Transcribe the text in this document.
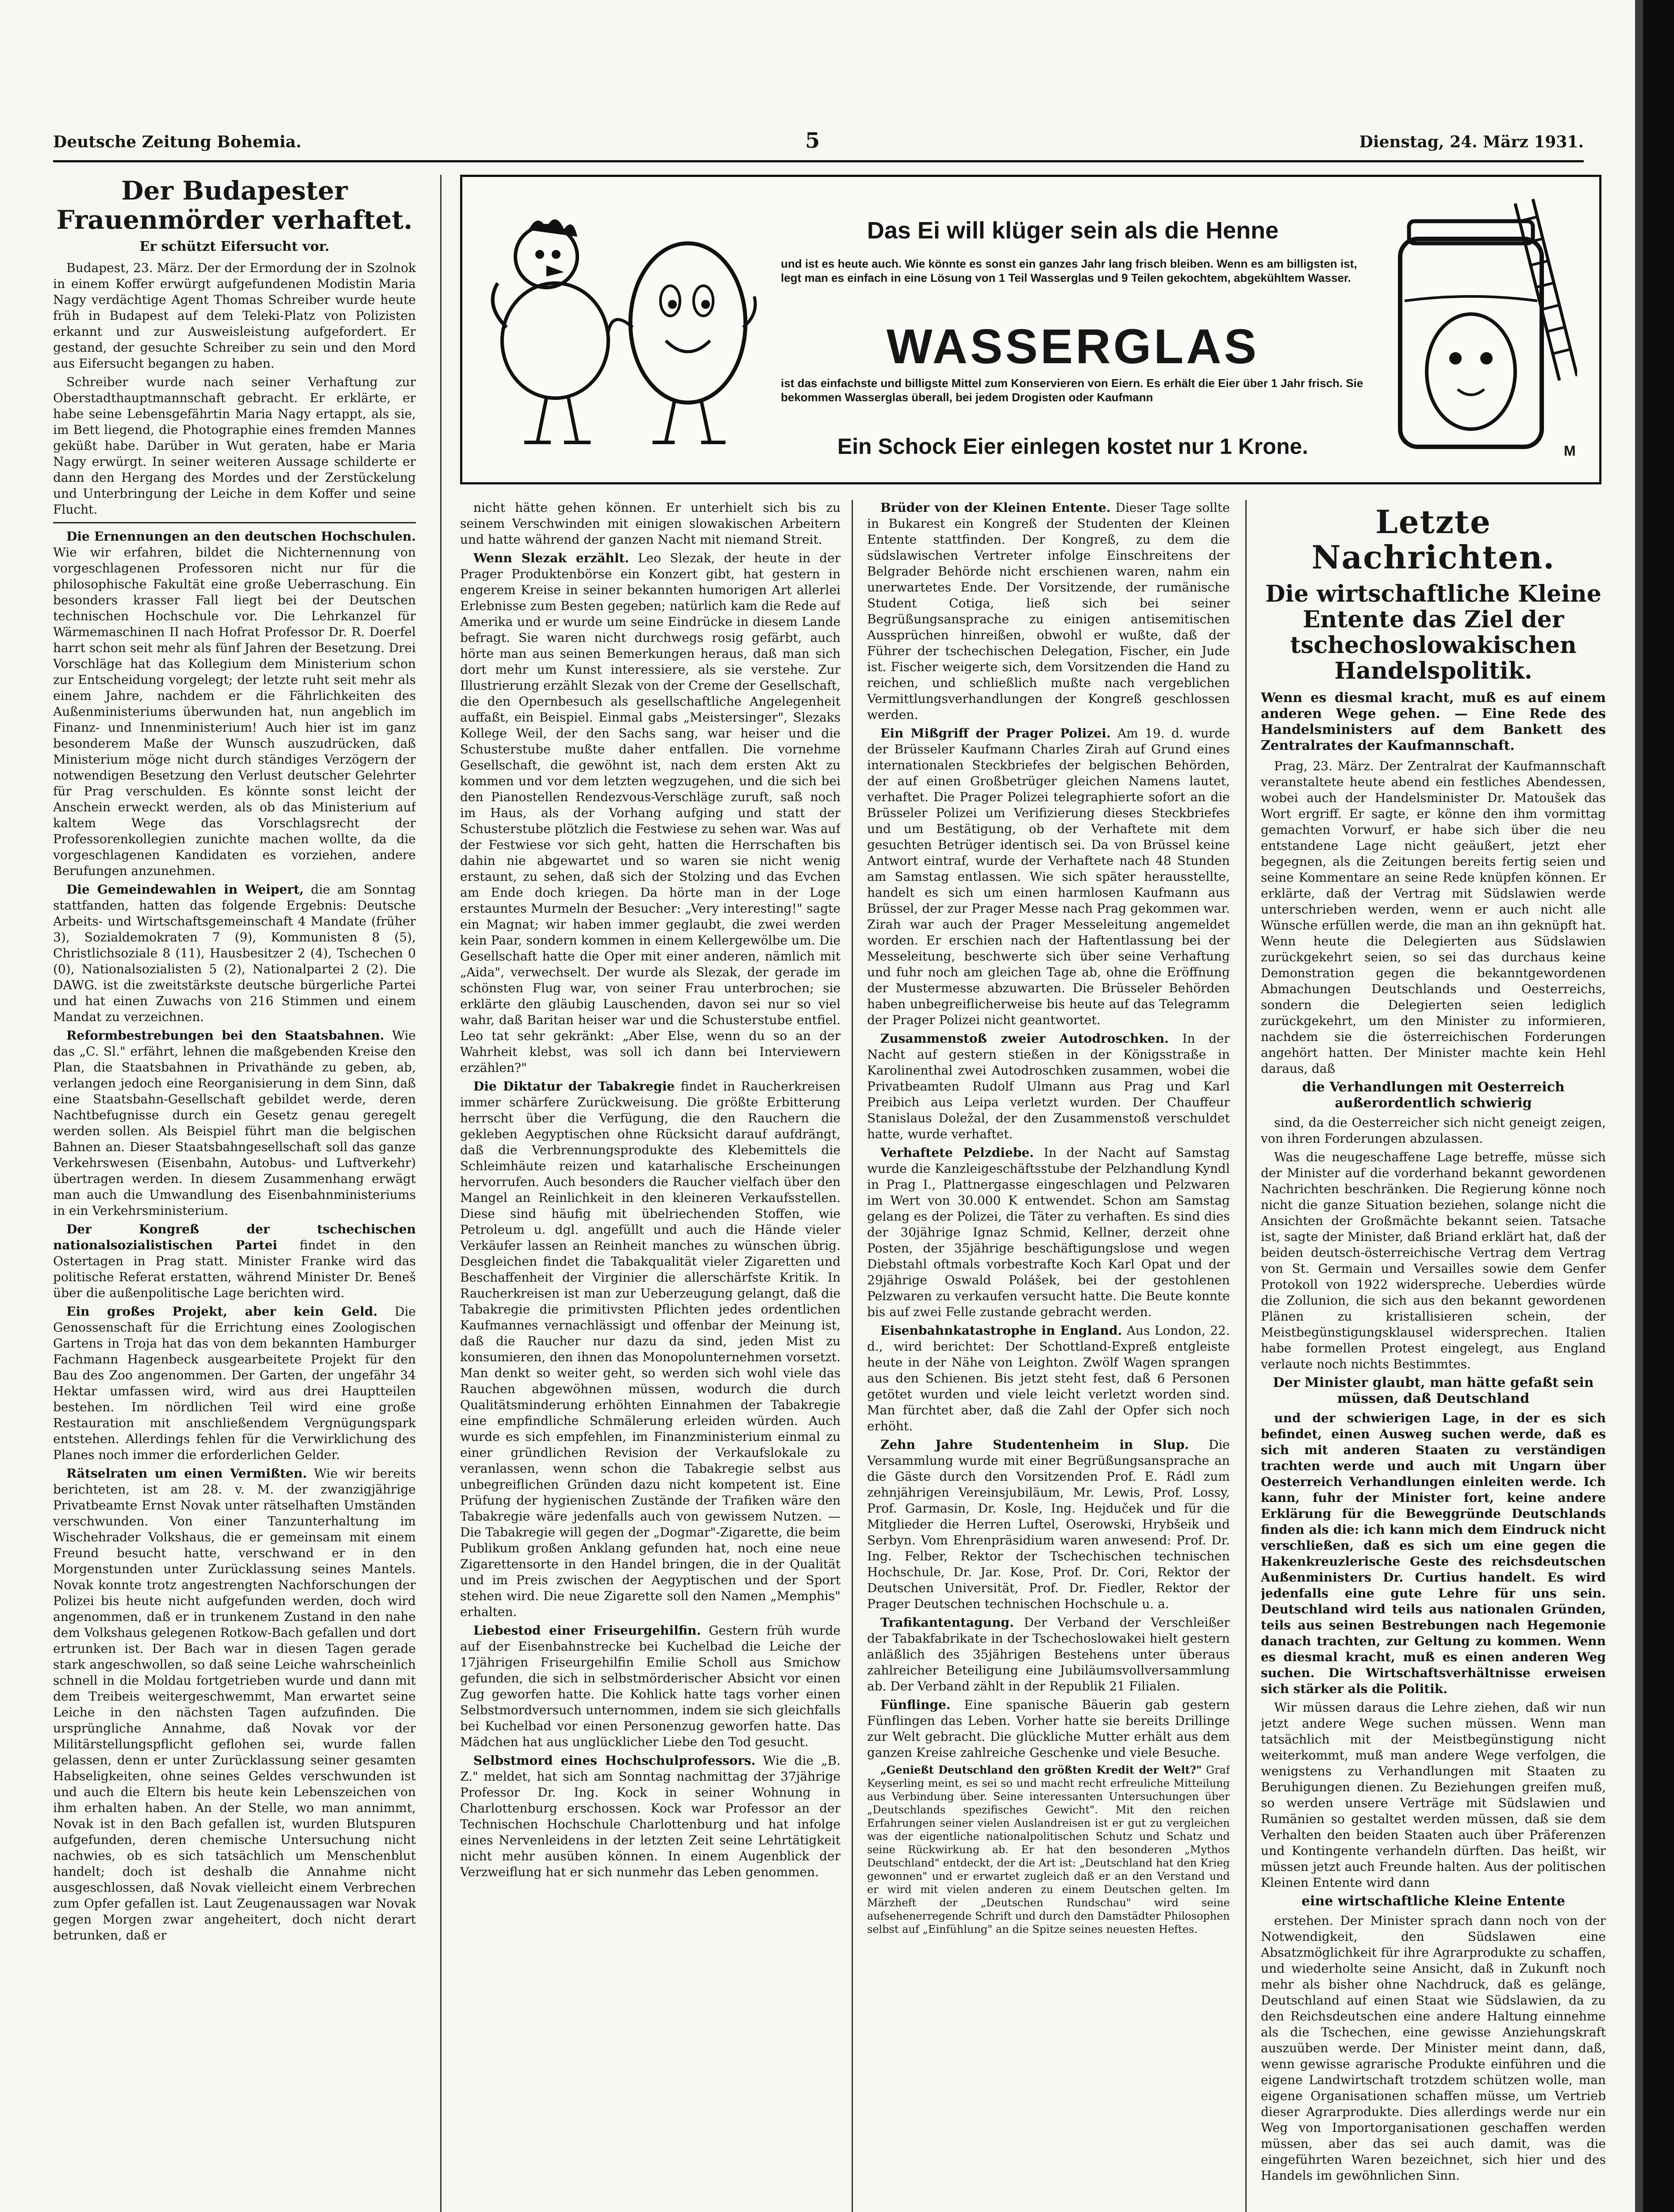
Deutsche Zeitung Bohemia.	5	Dienstag, 24. März 1931.
Das Ei will klüger sein als die Henne
und ist es heute auch. Wie könnte es sonst ein ganzes Jahr lang frisch bleiben. Wenn es am billigsten ist, legt man es einfach in eine Lösung von 1 Teil Wasserglas und 9 Teilen gekochtem, abgekühltem Wasser.
WASSERGLAS
ist das einfachste und billigste Mittel zum Konservieren von Eiern. Es erhält die Eier über 1 Jahr frisch. Sie bekommen Wasserglas überall, bei jedem Drogisten oder Kaufmann
Ein Schock Eier einlegen kostet nur 1 Krone.	M
Der Budapester Frauenmörder verhaftet.
Er schützt Eifersucht vor.

Budapest, 23. März. Der der Ermordung der in Szolnok in einem Koffer erwürgt aufgefundenen Modistin Maria Nagy verdächtige Agent Thomas Schreiber wurde heute früh in Budapest auf dem Teleki-Platz von Polizisten erkannt und zur Ausweisleistung aufgefordert. Er gestand, der gesuchte Schreiber zu sein und den Mord aus Eifersucht begangen zu haben.

Schreiber wurde nach seiner Verhaftung zur Oberstadthauptmannschaft gebracht. Er erklärte, er habe seine Lebensgefährtin Maria Nagy ertappt, als sie, im Bett liegend, die Photographie eines fremden Mannes geküßt habe. Darüber in Wut geraten, habe er Maria Nagy erwürgt. In seiner weiteren Aussage schilderte er dann den Hergang des Mordes und der Zerstückelung und Unterbringung der Leiche in dem Koffer und seine Flucht.

Die Ernennungen an den deutschen Hochschulen. Wie wir erfahren, bildet die Nichternennung von vorgeschlagenen Professoren nicht nur für die philosophische Fakultät eine große Ueberraschung. Ein besonders krasser Fall liegt bei der Deutschen technischen Hochschule vor. Die Lehrkanzel für Wärmemaschinen II nach Hofrat Professor Dr. R. Doerfel harrt schon seit mehr als fünf Jahren der Besetzung. Drei Vorschläge hat das Kollegium dem Ministerium schon zur Entscheidung vorgelegt; der letzte ruht seit mehr als einem Jahre, nachdem er die Fährlichkeiten des Außenministeriums überwunden hat, nun angeblich im Finanz- und Innenministerium! Auch hier ist im ganz besonderem Maße der Wunsch auszudrücken, daß Ministerium möge nicht durch ständiges Verzögern der notwendigen Besetzung den Verlust deutscher Gelehrter für Prag verschulden. Es könnte sonst leicht der Anschein erweckt werden, als ob das Ministerium auf kaltem Wege das Vorschlagsrecht der Professorenkollegien zunichte machen wollte, da die vorgeschlagenen Kandidaten es vorziehen, andere Berufungen anzunehmen.

Die Gemeindewahlen in Weipert, die am Sonntag stattfanden, hatten das folgende Ergebnis: Deutsche Arbeits- und Wirtschaftsgemeinschaft 4 Mandate (früher 3), Sozialdemokraten 7 (9), Kommunisten 8 (5), Christlichsoziale 8 (11), Hausbesitzer 2 (4), Tschechen 0 (0), Nationalsozialisten 5 (2), Nationalpartei 2 (2). Die DAWG. ist die zweitstärkste deutsche bürgerliche Partei und hat einen Zuwachs von 216 Stimmen und einem Mandat zu verzeichnen.

Reformbestrebungen bei den Staatsbahnen. Wie das „C. Sl." erfährt, lehnen die maßgebenden Kreise den Plan, die Staatsbahnen in Privathände zu geben, ab, verlangen jedoch eine Reorganisierung in dem Sinn, daß eine Staatsbahn-Gesellschaft gebildet werde, deren Nachtbefugnisse durch ein Gesetz genau geregelt werden sollen. Als Beispiel führt man die belgischen Bahnen an. Dieser Staatsbahngesellschaft soll das ganze Verkehrswesen (Eisenbahn, Autobus- und Luftverkehr) übertragen werden. In diesem Zusammenhang erwägt man auch die Umwandlung des Eisenbahnministeriums in ein Verkehrsministerium.

Der Kongreß der tschechischen nationalsozialistischen Partei findet in den Ostertagen in Prag statt. Minister Franke wird das politische Referat erstatten, während Minister Dr. Beneš über die außenpolitische Lage berichten wird.

Ein großes Projekt, aber kein Geld. Die Genossenschaft für die Errichtung eines Zoologischen Gartens in Troja hat das von dem bekannten Hamburger Fachmann Hagenbeck ausgearbeitete Projekt für den Bau des Zoo angenommen. Der Garten, der ungefähr 34 Hektar umfassen wird, wird aus drei Hauptteilen bestehen. Im nördlichen Teil wird eine große Restauration mit anschließendem Vergnügungspark entstehen. Allerdings fehlen für die Verwirklichung des Planes noch immer die erforderlichen Gelder.

Rätselraten um einen Vermißten. Wie wir bereits berichteten, ist am 28. v. M. der zwanzigjährige Privatbeamte Ernst Novak unter rätselhaften Umständen verschwunden. Von einer Tanzunterhaltung im Wischehrader Volkshaus, die er gemeinsam mit einem Freund besucht hatte, verschwand er in den Morgenstunden unter Zurücklassung seines Mantels. Novak konnte trotz angestrengten Nachforschungen der Polizei bis heute nicht aufgefunden werden, doch wird angenommen, daß er in trunkenem Zustand in den nahe dem Volkshaus gelegenen Rotkow-Bach gefallen und dort ertrunken ist. Der Bach war in diesen Tagen gerade stark angeschwollen, so daß seine Leiche wahrscheinlich schnell in die Moldau fortgetrieben wurde und dann mit dem Treibeis weitergeschwemmt, Man erwartet seine Leiche in den nächsten Tagen aufzufinden. Die ursprüngliche Annahme, daß Novak vor der Militärstellungspflicht geflohen sei, wurde fallen gelassen, denn er unter Zurücklassung seiner gesamten Habseligkeiten, ohne seines Geldes verschwunden ist und auch die Eltern bis heute kein Lebenszeichen von ihm erhalten haben. An der Stelle, wo man annimmt, Novak ist in den Bach gefallen ist, wurden Blutspuren aufgefunden, deren chemische Untersuchung nicht nachwies, ob es sich tatsächlich um Menschenblut handelt; doch ist deshalb die Annahme nicht ausgeschlossen, daß Novak vielleicht einem Verbrechen zum Opfer gefallen ist. Laut Zeugenaussagen war Novak gegen Morgen zwar angeheitert, doch nicht derart betrunken, daß er

nicht hätte gehen können. Er unterhielt sich bis zu seinem Verschwinden mit einigen slowakischen Arbeitern und hatte während der ganzen Nacht mit niemand Streit.

Wenn Slezak erzählt. Leo Slezak, der heute in der Prager Produktenbörse ein Konzert gibt, hat gestern in engerem Kreise in seiner bekannten humorigen Art allerlei Erlebnisse zum Besten gegeben; natürlich kam die Rede auf Amerika und er wurde um seine Eindrücke in diesem Lande befragt. Sie waren nicht durchwegs rosig gefärbt, auch hörte man aus seinen Bemerkungen heraus, daß man sich dort mehr um Kunst interessiere, als sie verstehe. Zur Illustrierung erzählt Slezak von der Creme der Gesellschaft, die den Opernbesuch als gesellschaftliche Angelegenheit auffaßt, ein Beispiel. Einmal gabs „Meistersinger", Slezaks Kollege Weil, der den Sachs sang, war heiser und die Schusterstube mußte daher entfallen. Die vornehme Gesellschaft, die gewöhnt ist, nach dem ersten Akt zu kommen und vor dem letzten wegzugehen, und die sich bei den Pianostellen Rendezvous-Verschläge zuruft, saß noch im Haus, als der Vorhang aufging und statt der Schusterstube plötzlich die Festwiese zu sehen war. Was auf der Festwiese vor sich geht, hatten die Herrschaften bis dahin nie abgewartet und so waren sie nicht wenig erstaunt, zu sehen, daß sich der Stolzing und das Evchen am Ende doch kriegen. Da hörte man in der Loge erstauntes Murmeln der Besucher: „Very interesting!" sagte ein Magnat; wir haben immer geglaubt, die zwei werden kein Paar, sondern kommen in einem Kellergewölbe um. Die Gesellschaft hatte die Oper mit einer anderen, nämlich mit „Aida", verwechselt. Der wurde als Slezak, der gerade im schönsten Flug war, von seiner Frau unterbrochen; sie erklärte den gläubig Lauschenden, davon sei nur so viel wahr, daß Baritan heiser war und die Schusterstube entfiel. Leo tat sehr gekränkt: „Aber Else, wenn du so an der Wahrheit klebst, was soll ich dann bei Interviewern erzählen?"

Die Diktatur der Tabakregie findet in Raucherkreisen immer schärfere Zurückweisung. Die größte Erbitterung herrscht über die Verfügung, die den Rauchern die gekleben Aegyptischen ohne Rücksicht darauf aufdrängt, daß die Verbrennungsprodukte des Klebemittels die Schleimhäute reizen und katarhalische Erscheinungen hervorrufen. Auch besonders die Raucher vielfach über den Mangel an Reinlichkeit in den kleineren Verkaufsstellen. Diese sind häufig mit übelriechenden Stoffen, wie Petroleum u. dgl. angefüllt und auch die Hände vieler Verkäufer lassen an Reinheit manches zu wünschen übrig. Desgleichen findet die Tabakqualität vieler Zigaretten und Beschaffenheit der Virginier die allerschärfste Kritik. In Raucherkreisen ist man zur Ueberzeugung gelangt, daß die Tabakregie die primitivsten Pflichten jedes ordentlichen Kaufmannes vernachlässigt und offenbar der Meinung ist, daß die Raucher nur dazu da sind, jeden Mist zu konsumieren, den ihnen das Monopolunternehmen vorsetzt. Man denkt so weiter geht, so werden sich wohl viele das Rauchen abgewöhnen müssen, wodurch die durch Qualitätsminderung erhöhten Einnahmen der Tabakregie eine empfindliche Schmälerung erleiden würden. Auch wurde es sich empfehlen, im Finanzministerium einmal zu einer gründlichen Revision der Verkaufslokale zu veranlassen, wenn schon die Tabakregie selbst aus unbegreiflichen Gründen dazu nicht kompetent ist. Eine Prüfung der hygienischen Zustände der Trafiken wäre den Tabakregie wäre jedenfalls auch von gewissem Nutzen. — Die Tabakregie will gegen der „Dogmar"-Zigarette, die beim Publikum großen Anklang gefunden hat, noch eine neue Zigarettensorte in den Handel bringen, die in der Qualität und im Preis zwischen der Aegyptischen und der Sport stehen wird. Die neue Zigarette soll den Namen „Memphis" erhalten.

Liebestod einer Friseurgehilfin. Gestern früh wurde auf der Eisenbahnstrecke bei Kuchelbad die Leiche der 17jährigen Friseurgehilfin Emilie Scholl aus Smichow gefunden, die sich in selbstmörderischer Absicht vor einen Zug geworfen hatte. Die Kohlick hatte tags vorher einen Selbstmordversuch unternommen, indem sie sich gleichfalls bei Kuchelbad vor einen Personenzug geworfen hatte. Das Mädchen hat aus unglücklicher Liebe den Tod gesucht.

Selbstmord eines Hochschulprofessors. Wie die „B. Z." meldet, hat sich am Sonntag nachmittag der 37jährige Professor Dr. Ing. Kock in seiner Wohnung in Charlottenburg erschossen. Kock war Professor an der Technischen Hochschule Charlottenburg und hat infolge eines Nervenleidens in der letzten Zeit seine Lehrtätigkeit nicht mehr ausüben können. In einem Augenblick der Verzweiflung hat er sich nunmehr das Leben genommen.

Brüder von der Kleinen Entente. Dieser Tage sollte in Bukarest ein Kongreß der Studenten der Kleinen Entente stattfinden. Der Kongreß, zu dem die südslawischen Vertreter infolge Einschreitens der Belgrader Behörde nicht erschienen waren, nahm ein unerwartetes Ende. Der Vorsitzende, der rumänische Student Cotiga, ließ sich bei seiner Begrüßungsansprache zu einigen antisemitischen Aussprüchen hinreißen, obwohl er wußte, daß der Führer der tschechischen Delegation, Fischer, ein Jude ist. Fischer weigerte sich, dem Vorsitzenden die Hand zu reichen, und schließlich mußte nach vergeblichen Vermittlungsverhandlungen der Kongreß geschlossen werden.

Ein Mißgriff der Prager Polizei. Am 19. d. wurde der Brüsseler Kaufmann Charles Zirah auf Grund eines internationalen Steckbriefes der belgischen Behörden, der auf einen Großbetrüger gleichen Namens lautet, verhaftet. Die Prager Polizei telegraphierte sofort an die Brüsseler Polizei um Verifizierung dieses Steckbriefes und um Bestätigung, ob der Verhaftete mit dem gesuchten Betrüger identisch sei. Da von Brüssel keine Antwort eintraf, wurde der Verhaftete nach 48 Stunden am Samstag entlassen. Wie sich später herausstellte, handelt es sich um einen harmlosen Kaufmann aus Brüssel, der zur Prager Messe nach Prag gekommen war. Zirah war auch der Prager Messeleitung angemeldet worden. Er erschien nach der Haftentlassung bei der Messeleitung, beschwerte sich über seine Verhaftung und fuhr noch am gleichen Tage ab, ohne die Eröffnung der Mustermesse abzuwarten. Die Brüsseler Behörden haben unbegreiflicherweise bis heute auf das Telegramm der Prager Polizei nicht geantwortet.

Zusammenstoß zweier Autodroschken. In der Nacht auf gestern stießen in der Königsstraße in Karolinenthal zwei Autodroschken zusammen, wobei die Privatbeamten Rudolf Ulmann aus Prag und Karl Preibich aus Leipa verletzt wurden. Der Chauffeur Stanislaus Doležal, der den Zusammenstoß verschuldet hatte, wurde verhaftet.

Verhaftete Pelzdiebe. In der Nacht auf Samstag wurde die Kanzleigeschäftsstube der Pelzhandlung Kyndl in Prag I., Plattnergasse eingeschlagen und Pelzwaren im Wert von 30.000 K entwendet. Schon am Samstag gelang es der Polizei, die Täter zu verhaften. Es sind dies der 30jährige Ignaz Schmid, Kellner, derzeit ohne Posten, der 35jährige beschäftigungslose und wegen Diebstahl oftmals vorbestrafte Koch Karl Opat und der 29jährige Oswald Polášek, bei der gestohlenen Pelzwaren zu verkaufen versucht hatte. Die Beute konnte bis auf zwei Felle zustande gebracht werden.

Eisenbahnkatastrophe in England. Aus London, 22. d., wird berichtet: Der Schottland-Expreß entgleiste heute in der Nähe von Leighton. Zwölf Wagen sprangen aus den Schienen. Bis jetzt steht fest, daß 6 Personen getötet wurden und viele leicht verletzt worden sind. Man fürchtet aber, daß die Zahl der Opfer sich noch erhöht.

Zehn Jahre Studentenheim in Slup. Die Versammlung wurde mit einer Begrüßungsansprache an die Gäste durch den Vorsitzenden Prof. E. Rádl zum zehnjährigen Vereinsjubiläum, Mr. Lewis, Prof. Lossy, Prof. Garmasin, Dr. Kosle, Ing. Hejduček und für die Mitglieder die Herren Luftel, Oserowski, Hrybšeik und Serbyn. Vom Ehrenpräsidium waren anwesend: Prof. Dr. Ing. Felber, Rektor der Tschechischen technischen Hochschule, Dr. Jar. Kose, Prof. Dr. Cori, Rektor der Deutschen Universität, Prof. Dr. Fiedler, Rektor der Prager Deutschen technischen Hochschule u. a.

Trafikantentagung. Der Verband der Verschleißer der Tabakfabrikate in der Tschechoslowakei hielt gestern anläßlich des 35jährigen Bestehens unter überaus zahlreicher Beteiligung eine Jubiläumsvollversammlung ab. Der Verband zählt in der Republik 21 Filialen.

Fünflinge. Eine spanische Bäuerin gab gestern Fünflingen das Leben. Vorher hatte sie bereits Drillinge zur Welt gebracht. Die glückliche Mutter erhält aus dem ganzen Kreise zahlreiche Geschenke und viele Besuche.

„Genießt Deutschland den größten Kredit der Welt?" Graf Keyserling meint, es sei so und macht recht erfreuliche Mitteilung aus Verbindung über. Seine interessanten Untersuchungen über „Deutschlands spezifisches Gewicht". Mit den reichen Erfahrungen seiner vielen Auslandreisen ist er gut zu vergleichen was der eigentliche nationalpolitischen Schutz und Schatz und seine Rückwirkung ab. Er hat den besonderen „Mythos Deutschland" entdeckt, der die Art ist: „Deutschland hat den Krieg gewonnen" und er erwartet zugleich daß er an den Verstand und er wird mit vielen anderen zu einem Deutschen gelten. Im Märzheft der „Deutschen Rundschau" wird seine aufsehenerregende Schrift und durch den Damstädter Philosophen selbst auf „Einfühlung" an die Spitze seines neuesten Heftes.

Letzte Nachrichten.
Die wirtschaftliche Kleine Entente das Ziel der tschechoslowakischen Handelspolitik.
Wenn es diesmal kracht, muß es auf einem anderen Wege gehen. — Eine Rede des Handelsministers auf dem Bankett des Zentralrates der Kaufmannschaft.

Prag, 23. März. Der Zentralrat der Kaufmannschaft veranstaltete heute abend ein festliches Abendessen, wobei auch der Handelsminister Dr. Matoušek das Wort ergriff. Er sagte, er könne den ihm vormittag gemachten Vorwurf, er habe sich über die neu entstandene Lage nicht geäußert, jetzt eher begegnen, als die Zeitungen bereits fertig seien und seine Kommentare an seine Rede knüpfen können. Er erklärte, daß der Vertrag mit Südslawien werde unterschrieben werden, wenn er auch nicht alle Wünsche erfüllen werde, die man an ihn geknüpft hat. Wenn heute die Delegierten aus Südslawien zurückgekehrt seien, so sei das durchaus keine Demonstration gegen die bekanntgewordenen Abmachungen Deutschlands und Oesterreichs, sondern die Delegierten seien lediglich zurückgekehrt, um den Minister zu informieren, nachdem sie die österreichischen Forderungen angehört hatten. Der Minister machte kein Hehl daraus, daß

die Verhandlungen mit Oesterreich außerordentlich schwierig

sind, da die Oesterreicher sich nicht geneigt zeigen, von ihren Forderungen abzulassen.

Was die neugeschaffene Lage betreffe, müsse sich der Minister auf die vorderhand bekannt gewordenen Nachrichten beschränken. Die Regierung könne noch nicht die ganze Situation beziehen, solange nicht die Ansichten der Großmächte bekannt seien. Tatsache ist, sagte der Minister, daß Briand erklärt hat, daß der beiden deutsch-österreichische Vertrag dem Vertrag von St. Germain und Versailles sowie dem Genfer Protokoll von 1922 widerspreche. Ueberdies würde die Zollunion, die sich aus den bekannt gewordenen Plänen zu kristallisieren schein, der Meistbegünstigungsklausel widersprechen. Italien habe formellen Protest eingelegt, aus England verlaute noch nichts Bestimmtes.

Der Minister glaubt, man hätte gefaßt sein müssen, daß Deutschland

und der schwierigen Lage, in der es sich befindet, einen Ausweg suchen werde, daß es sich mit anderen Staaten zu verständigen trachten werde und auch mit Ungarn über Oesterreich Verhandlungen einleiten werde. Ich kann, fuhr der Minister fort, keine andere Erklärung für die Beweggründe Deutschlands finden als die: ich kann mich dem Eindruck nicht verschließen, daß es sich um eine gegen die Hakenkreuzlerische Geste des reichsdeutschen Außenministers Dr. Curtius handelt. Es wird jedenfalls eine gute Lehre für uns sein. Deutschland wird teils aus nationalen Gründen, teils aus seinen Bestrebungen nach Hegemonie danach trachten, zur Geltung zu kommen. Wenn es diesmal kracht, muß es einen anderen Weg suchen. Die Wirtschaftsverhältnisse erweisen sich stärker als die Politik.

Wir müssen daraus die Lehre ziehen, daß wir nun jetzt andere Wege suchen müssen. Wenn man tatsächlich mit der Meistbegünstigung nicht weiterkommt, muß man andere Wege verfolgen, die wenigstens zu Verhandlungen mit Staaten zu Beruhigungen dienen. Zu Beziehungen greifen muß, so werden unsere Verträge mit Südslawien und Rumänien so gestaltet werden müssen, daß sie dem Verhalten den beiden Staaten auch über Präferenzen und Kontingente verhandeln dürften. Das heißt, wir müssen jetzt auch Freunde halten. Aus der politischen Kleinen Entente wird dann

eine wirtschaftliche Kleine Entente

erstehen. Der Minister sprach dann noch von der Notwendigkeit, den Südslawen eine Absatzmöglichkeit für ihre Agrarprodukte zu schaffen, und wiederholte seine Ansicht, daß in Zukunft noch mehr als bisher ohne Nachdruck, daß es gelänge, Deutschland auf einen Staat wie Südslawien, da zu den Reichsdeutschen eine andere Haltung einnehme als die Tschechen, eine gewisse Anziehungskraft auszuüben werde. Der Minister meint dann, daß, wenn gewisse agrarische Produkte einführen und die eigene Landwirtschaft trotzdem schützen wolle, man eigene Organisationen schaffen müsse, um Vertrieb dieser Agrarprodukte. Dies allerdings werde nur ein Weg von Importorganisationen geschaffen werden müssen, aber das sei auch damit, was die eingeführten Waren bezeichnet, sich hier und des Handels im gewöhnlichen Sinn.
